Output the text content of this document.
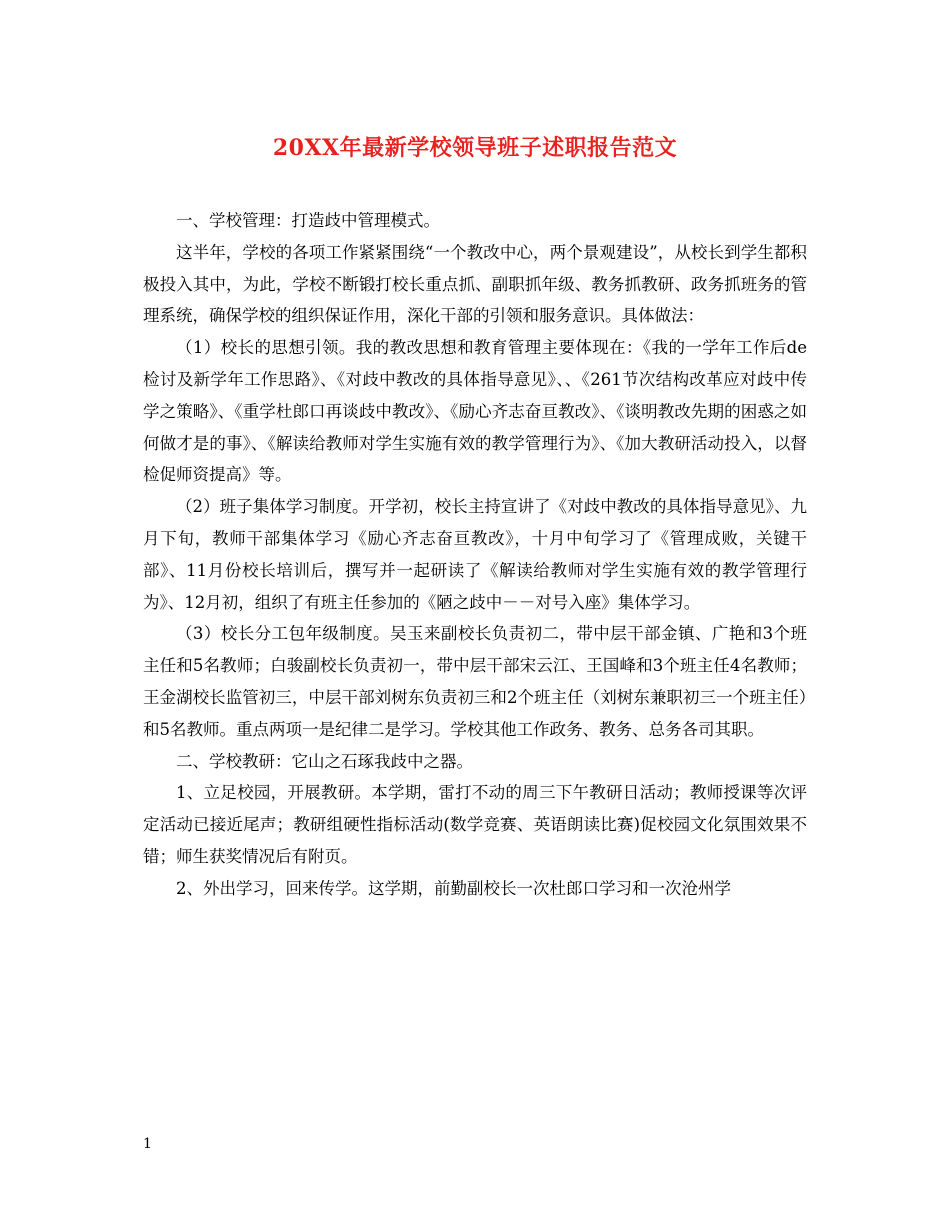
20XX年最新学校领导班子述职报告范文

一、学校管理：打造歧中管理模式。

这半年，学校的各项工作紧紧围绕“一个教改中心，两个景观建设”，从校长到学生都积极投入其中，为此，学校不断锻打校长重点抓、副职抓年级、教务抓教研、政务抓班务的管理系统，确保学校的组织保证作用，深化干部的引领和服务意识。具体做法：

（1）校长的思想引领。我的教改思想和教育管理主要体现在：《我的一学年工作后de检讨及新学年工作思路》、《对歧中教改的具体指导意见》、、《261节次结构改革应对歧中传学之策略》、《重学杜郎口再谈歧中教改》、《励心齐志奋亘教改》、《谈明教改先期的困惑之如何做才是的事》、《解读给教师对学生实施有效的教学管理行为》、《加大教研活动投入，以督检促师资提高》等。

（2）班子集体学习制度。开学初，校长主持宣讲了《对歧中教改的具体指导意见》、九月下旬，教师干部集体学习《励心齐志奋亘教改》，十月中旬学习了《管理成败，关键干部》、11月份校长培训后，撰写并一起研读了《解读给教师对学生实施有效的教学管理行为》、12月初，组织了有班主任参加的《陋之歧中－－对号入座》集体学习。

（3）校长分工包年级制度。吴玉来副校长负责初二，带中层干部金镇、广艳和3个班主任和5名教师；白骏副校长负责初一，带中层干部宋云江、王国峰和3个班主任4名教师；王金湖校长监管初三，中层干部刘树东负责初三和2个班主任（刘树东兼职初三一个班主任）和5名教师。重点两项一是纪律二是学习。学校其他工作政务、教务、总务各司其职。

二、学校教研：它山之石琢我歧中之器。

1、立足校园，开展教研。本学期，雷打不动的周三下午教研日活动；教师授课等次评定活动已接近尾声；教研组硬性指标活动(数学竞赛、英语朗读比赛)促校园文化氛围效果不错；师生获奖情况后有附页。

2、外出学习，回来传学。这学期，前勤副校长一次杜郎口学习和一次沧州学

1
